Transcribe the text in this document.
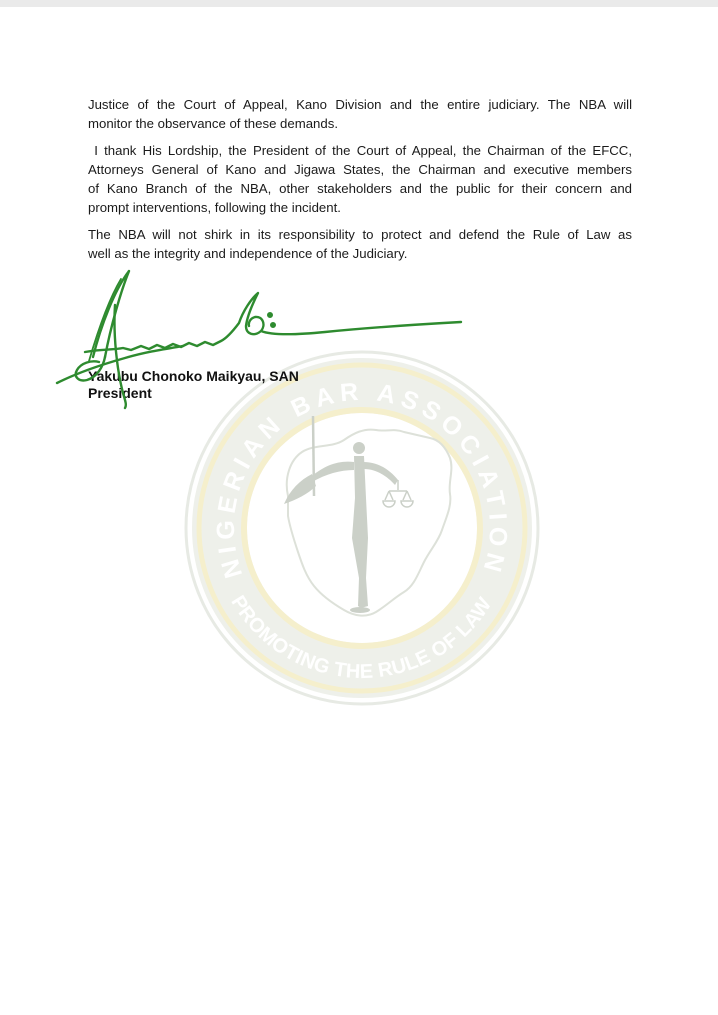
NIGERIAN BAR ASSOCIATION
PROMOTING THE RULE OF LAW
Justice of the Court of Appeal, Kano Division and the entire judiciary. The NBA will
monitor the observance of these demands.
I thank His Lordship, the President of the Court of Appeal, the Chairman of the EFCC,
Attorneys General of Kano and Jigawa States, the Chairman and executive members
of Kano Branch of the NBA, other stakeholders and the public for their concern and
prompt interventions, following the incident.
The NBA will not shirk in its responsibility to protect and defend the Rule of Law as
well as the integrity and independence of the Judiciary.
Yakubu Chonoko Maikyau, SAN
President
